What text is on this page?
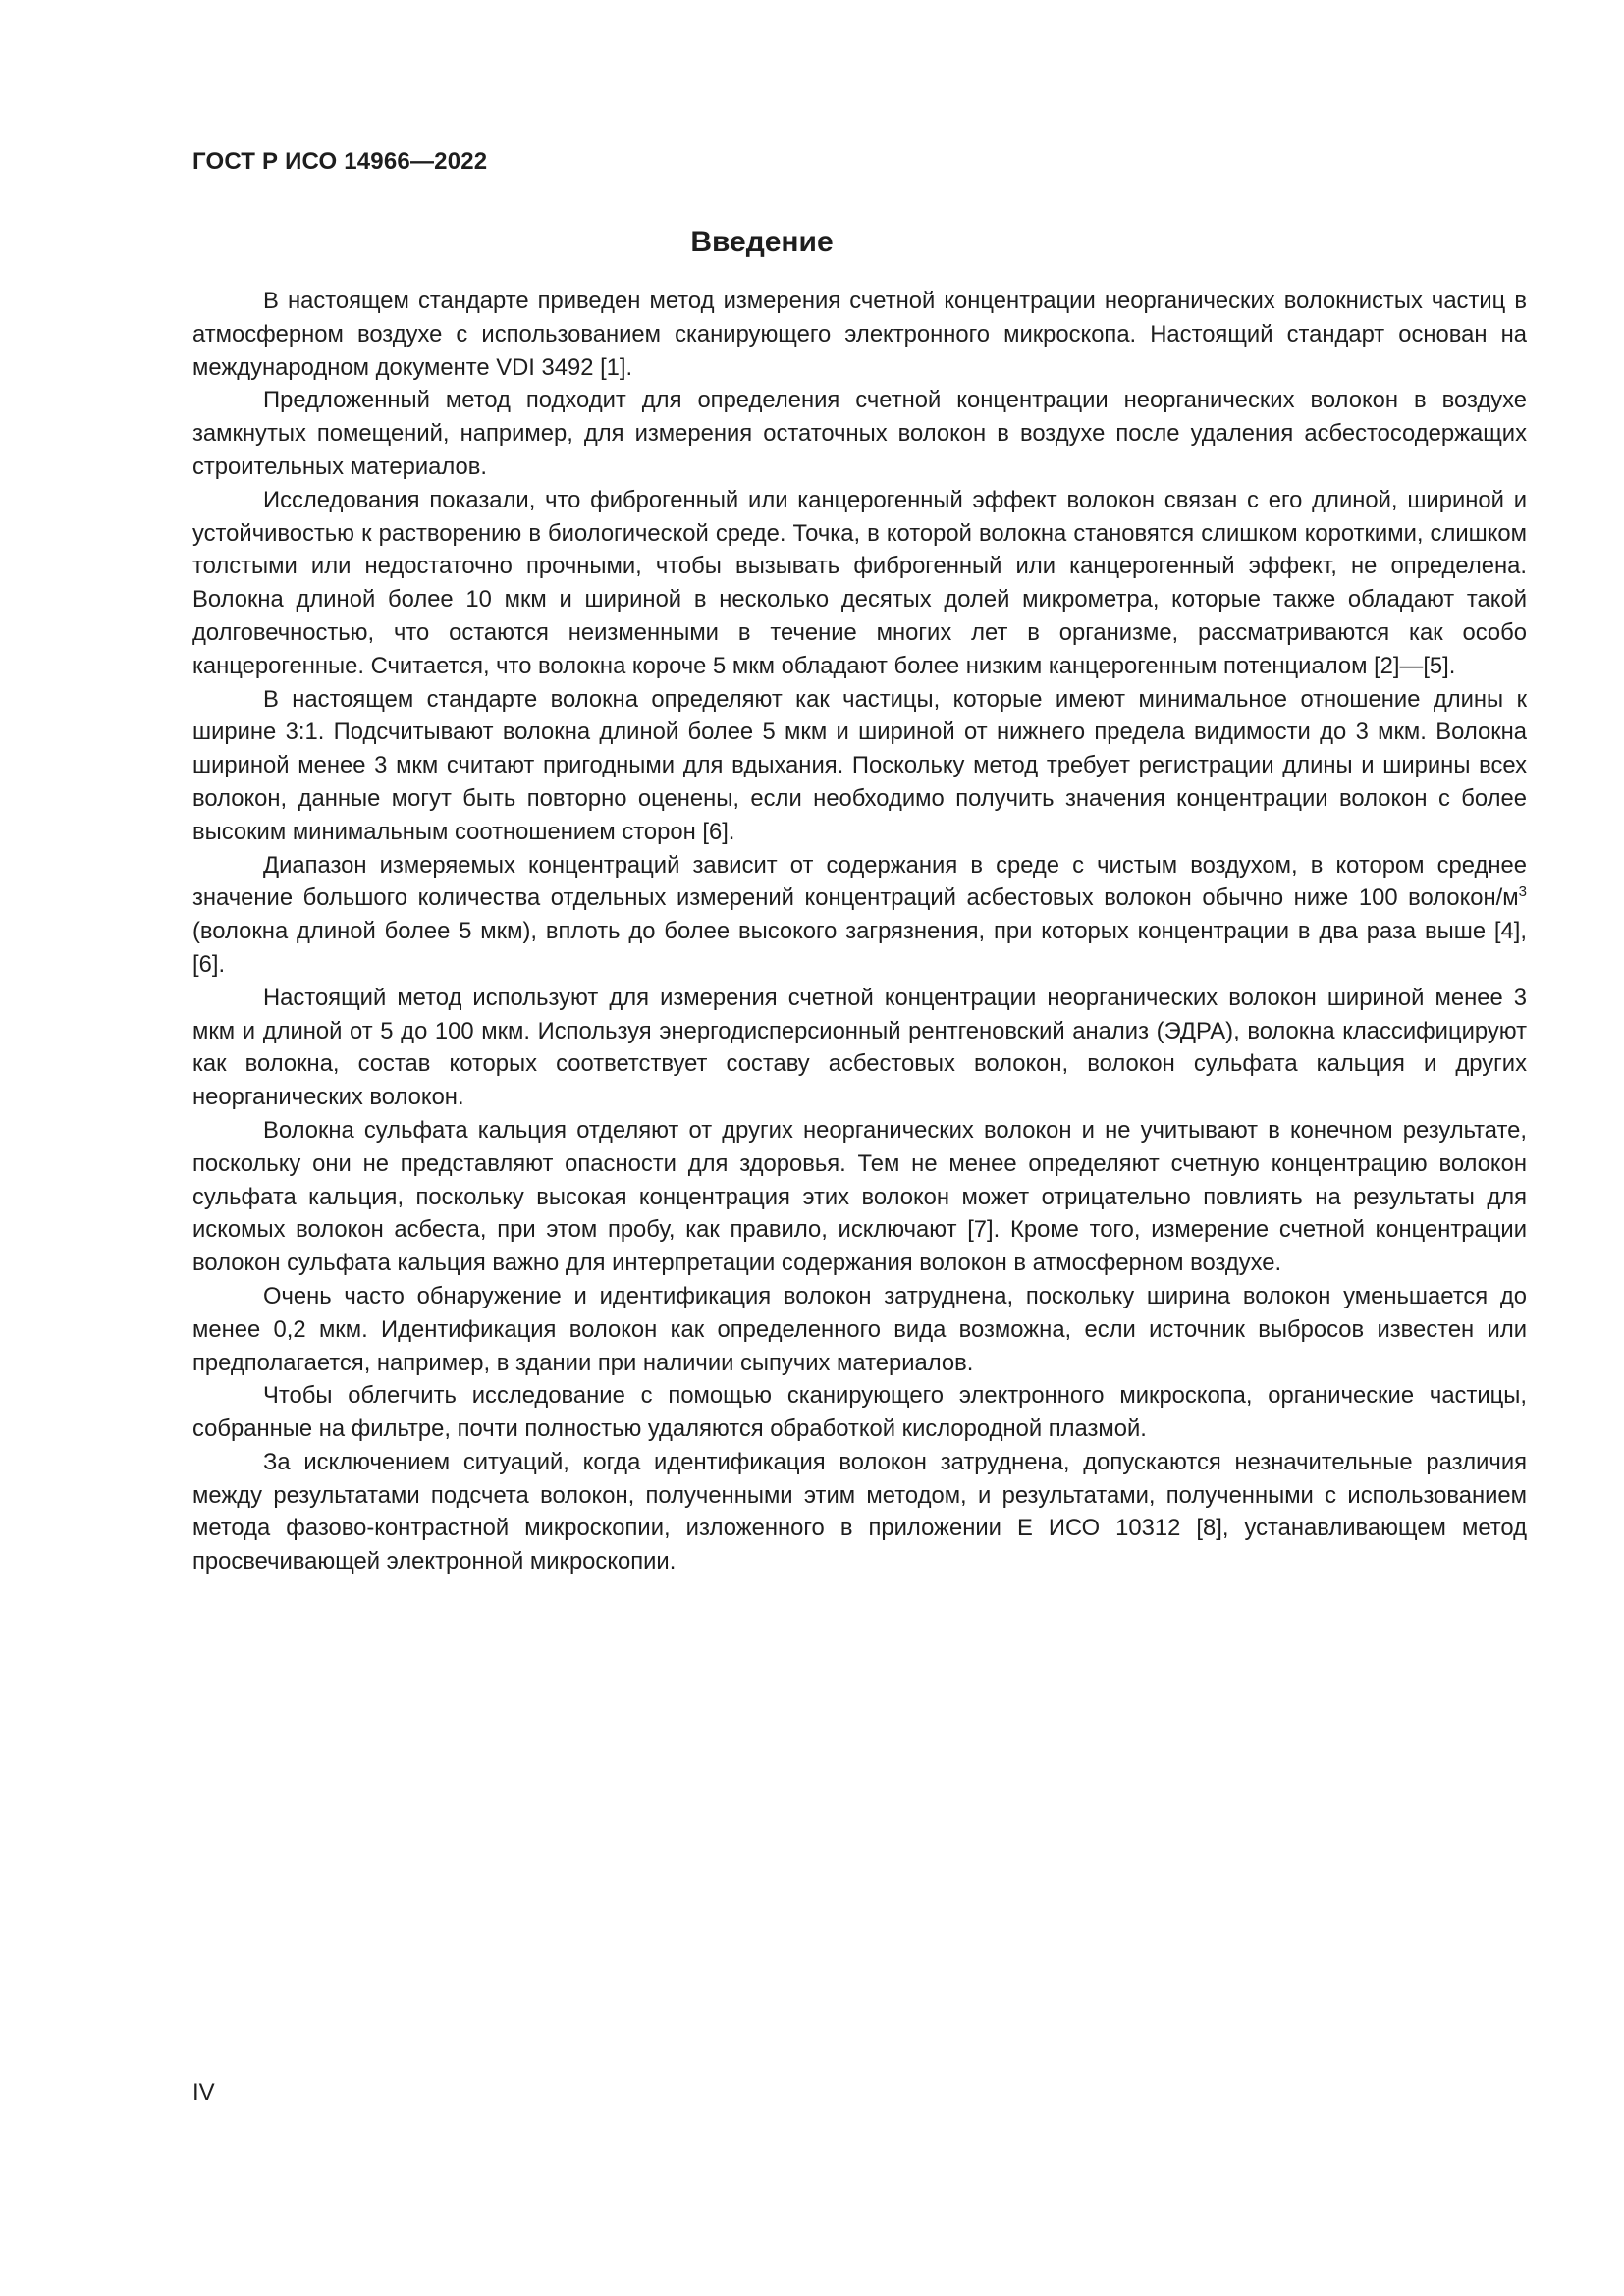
ГОСТ Р ИСО 14966—2022
Введение

В настоящем стандарте приведен метод измерения счетной концентрации неорганических волокнистых частиц в атмосферном воздухе с использованием сканирующего электронного микроскопа. Настоящий стандарт основан на международном документе VDI 3492 [1].

Предложенный метод подходит для определения счетной концентрации неорганических волокон в воздухе замкнутых помещений, например, для измерения остаточных волокон в воздухе после удаления асбестосодержащих строительных материалов.

Исследования показали, что фиброгенный или канцерогенный эффект волокон связан с его длиной, шириной и устойчивостью к растворению в биологической среде. Точка, в которой волокна становятся слишком короткими, слишком толстыми или недостаточно прочными, чтобы вызывать фиброгенный или канцерогенный эффект, не определена. Волокна длиной более 10 мкм и шириной в несколько десятых долей микрометра, которые также обладают такой долговечностью, что остаются неизменными в течение многих лет в организме, рассматриваются как особо канцерогенные. Считается, что волокна короче 5 мкм обладают более низким канцерогенным потенциалом [2]—[5].

В настоящем стандарте волокна определяют как частицы, которые имеют минимальное отношение длины к ширине 3:1. Подсчитывают волокна длиной более 5 мкм и шириной от нижнего предела видимости до 3 мкм. Волокна шириной менее 3 мкм считают пригодными для вдыхания. Поскольку метод требует регистрации длины и ширины всех волокон, данные могут быть повторно оценены, если необходимо получить значения концентрации волокон с более высоким минимальным соотношением сторон [6].

Диапазон измеряемых концентраций зависит от содержания в среде с чистым воздухом, в котором среднее значение большого количества отдельных измерений концентраций асбестовых волокон обычно ниже 100 волокон/$м^3$ (волокна длиной более 5 мкм), вплоть до более высокого загрязнения, при которых концентрации в два раза выше [4], [6].

Настоящий метод используют для измерения счетной концентрации неорганических волокон шириной менее 3 мкм и длиной от 5 до 100 мкм. Используя энергодисперсионный рентгеновский анализ (ЭДРА), волокна классифицируют как волокна, состав которых соответствует составу асбестовых волокон, волокон сульфата кальция и других неорганических волокон.

Волокна сульфата кальция отделяют от других неорганических волокон и не учитывают в конечном результате, поскольку они не представляют опасности для здоровья. Тем не менее определяют счетную концентрацию волокон сульфата кальция, поскольку высокая концентрация этих волокон может отрицательно повлиять на результаты для искомых волокон асбеста, при этом пробу, как правило, исключают [7]. Кроме того, измерение счетной концентрации волокон сульфата кальция важно для интерпретации содержания волокон в атмосферном воздухе.

Очень часто обнаружение и идентификация волокон затруднена, поскольку ширина волокон уменьшается до менее 0,2 мкм. Идентификация волокон как определенного вида возможна, если источник выбросов известен или предполагается, например, в здании при наличии сыпучих материалов.

Чтобы облегчить исследование с помощью сканирующего электронного микроскопа, органические частицы, собранные на фильтре, почти полностью удаляются обработкой кислородной плазмой.

За исключением ситуаций, когда идентификация волокон затруднена, допускаются незначительные различия между результатами подсчета волокон, полученными этим методом, и результатами, полученными с использованием метода фазово-контрастной микроскопии, изложенного в приложении Е ИСО 10312 [8], устанавливающем метод просвечивающей электронной микроскопии.

IV
